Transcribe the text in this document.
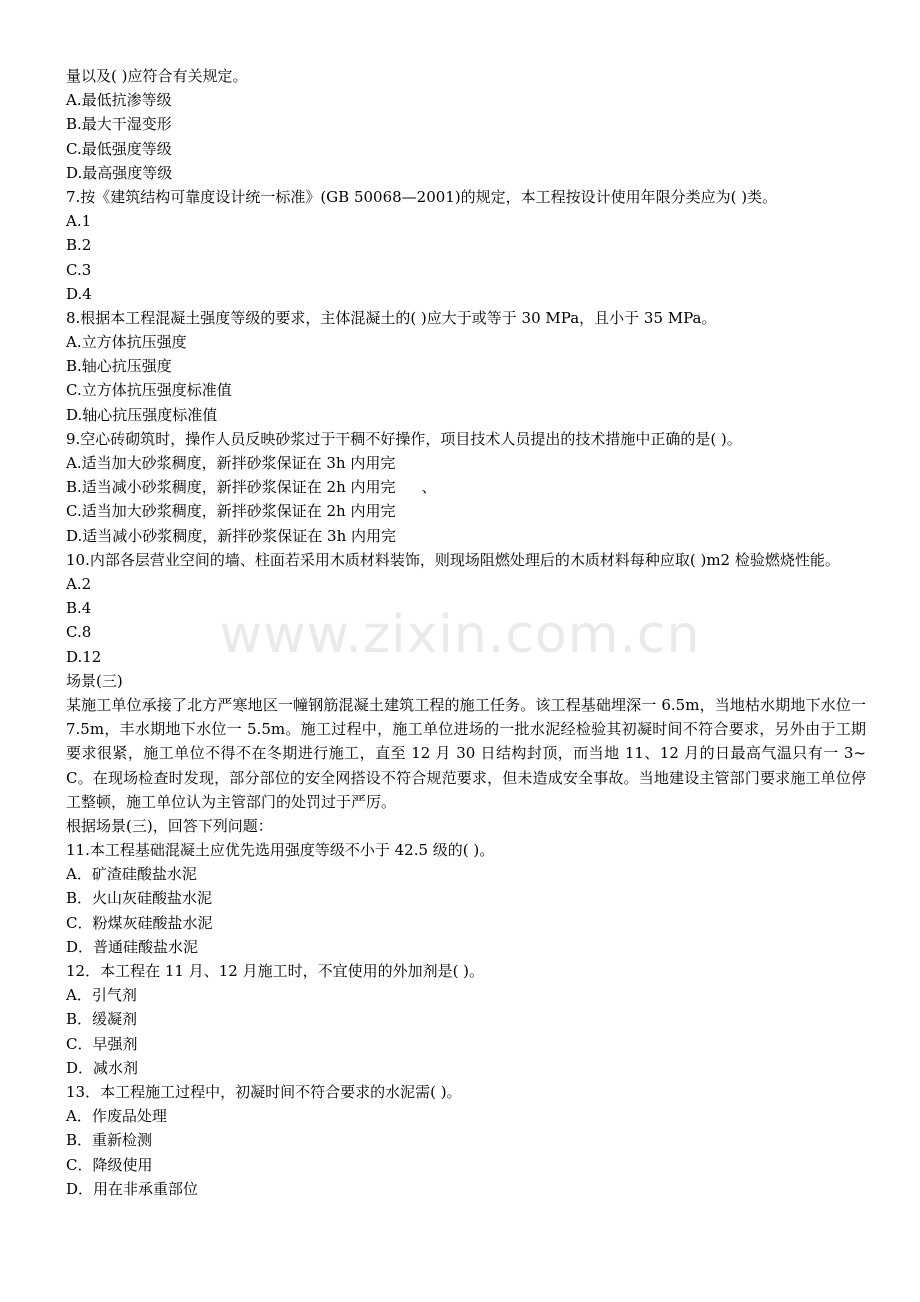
量以及( )应符合有关规定。
A.最低抗渗等级
B.最大干湿变形
C.最低强度等级
D.最高强度等级
7.按《建筑结构可靠度设计统一标准》(GB 50068—2001)的规定，本工程按设计使用年限分类应为( )类。
A.1
B.2
C.3
D.4
8.根据本工程混凝土强度等级的要求，主体混凝土的( )应大于或等于 30 MPa，且小于 35 MPa。
A.立方体抗压强度
B.轴心抗压强度
C.立方体抗压强度标准值
D.轴心抗压强度标准值
9.空心砖砌筑时，操作人员反映砂浆过于干稠不好操作，项目技术人员提出的技术措施中正确的是( )。
A.适当加大砂浆稠度，新拌砂浆保证在 3h 内用完
B.适当减小砂浆稠度，新拌砂浆保证在 2h 内用完 、
C.适当加大砂浆稠度，新拌砂浆保证在 2h 内用完
D.适当减小砂浆稠度，新拌砂浆保证在 3h 内用完
10.内部各层营业空间的墙、柱面若采用木质材料装饰，则现场阻燃处理后的木质材料每种应取( )m2 检验燃烧性能。
A.2
B.4
C.8
D.12
场景(三)
某施工单位承接了北方严寒地区一幢钢筋混凝土建筑工程的施工任务。该工程基础埋深一 6.5m，当地枯水期地下水位一 7.5m，丰水期地下水位一 5.5m。施工过程中，施工单位进场的一批水泥经检验其初凝时间不符合要求，另外由于工期要求很紧，施工单位不得不在冬期进行施工，直至 12 月 30 日结构封顶，而当地 11、12 月的日最高气温只有一 3~C。在现场检查时发现，部分部位的安全网搭设不符合规范要求，但未造成安全事故。当地建设主管部门要求施工单位停工整顿，施工单位认为主管部门的处罚过于严厉。
根据场景(三)，回答下列问题：
11.本工程基础混凝土应优先选用强度等级不小于 42.5 级的( )。
A．矿渣硅酸盐水泥
B．火山灰硅酸盐水泥
C．粉煤灰硅酸盐水泥
D．普通硅酸盐水泥
12．本工程在 11 月、12 月施工时，不宜使用的外加剂是( )。
A．引气剂
B．缓凝剂
C．早强剂
D．减水剂
13．本工程施工过程中，初凝时间不符合要求的水泥需( )。
A．作废品处理
B．重新检测
C．降级使用
D．用在非承重部位
www.zixin.com.cn
